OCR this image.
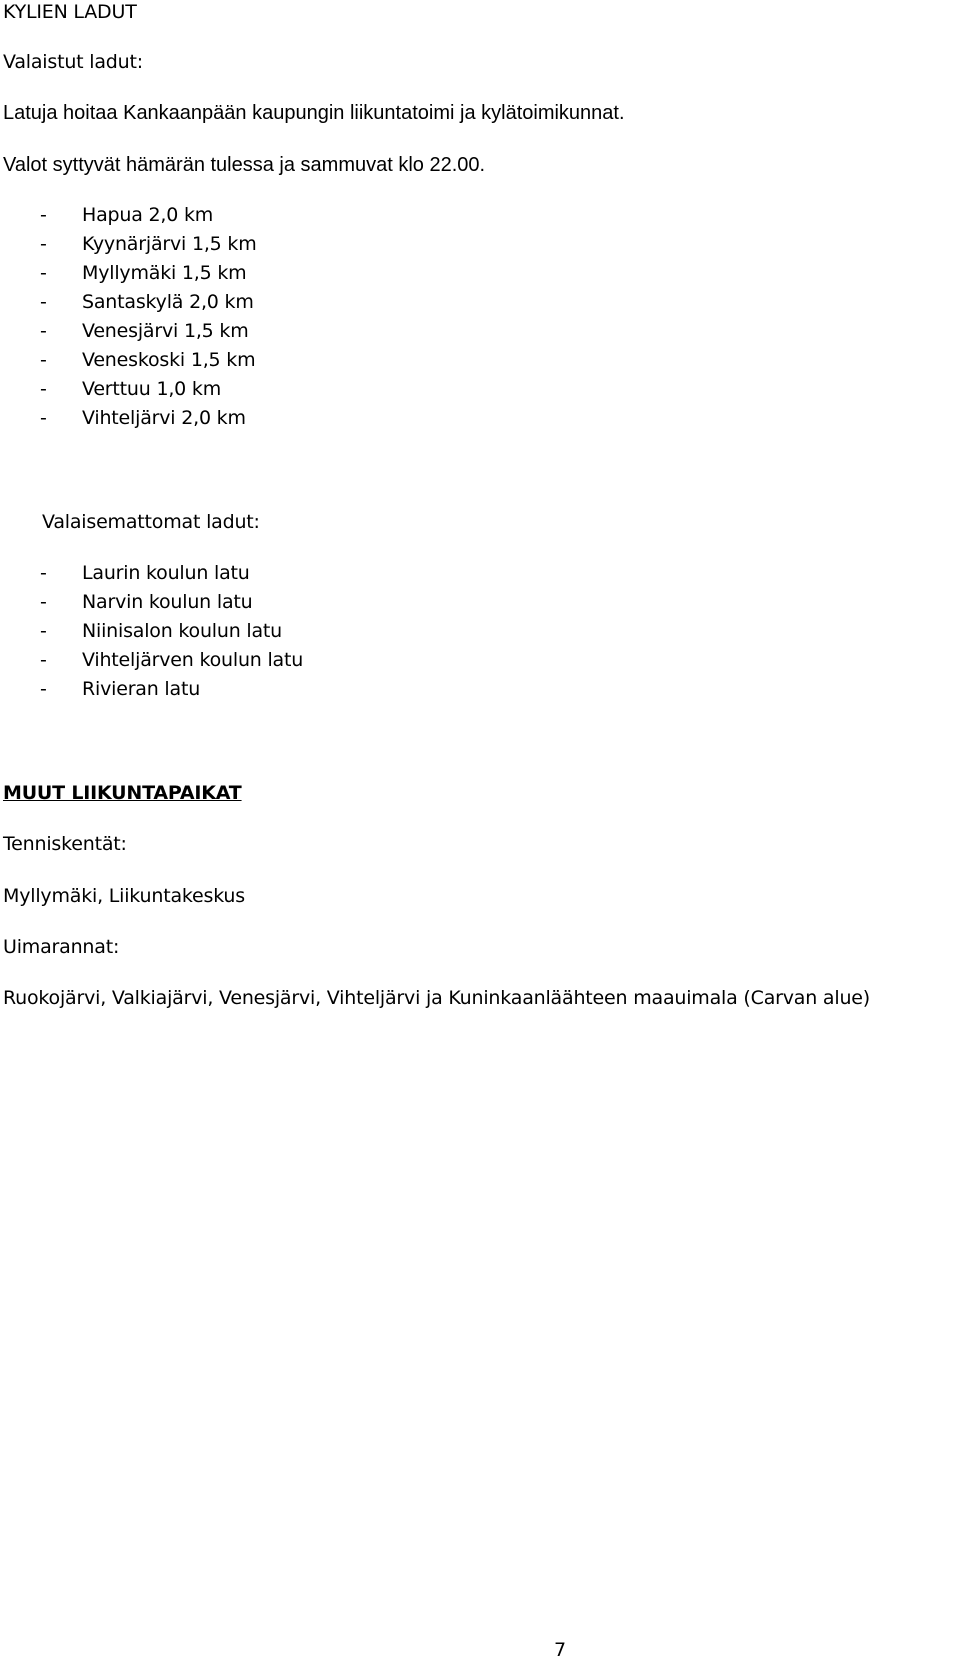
KYLIEN LADUT
Valaistut ladut:
Latuja hoitaa Kankaanpään kaupungin liikuntatoimi ja kylätoimikunnat.
Valot syttyvät hämärän tulessa ja sammuvat klo 22.00.
- Hapua 2,0 km
- Kyynärjärvi 1,5 km
- Myllymäki 1,5 km
- Santaskylä 2,0 km
- Venesjärvi 1,5 km
- Veneskoski 1,5 km
- Verttuu 1,0 km
- Vihteljärvi 2,0 km
Valaisemattomat ladut:
- Laurin koulun latu
- Narvin koulun latu
- Niinisalon koulun latu
- Vihteljärven koulun latu
- Rivieran latu
MUUT LIIKUNTAPAIKAT
Tenniskentät:
Myllymäki, Liikuntakeskus
Uimarannat:
Ruokojärvi, Valkiajärvi, Venesjärvi, Vihteljärvi ja Kuninkaanläähteen maauimala (Carvan alue)
7
